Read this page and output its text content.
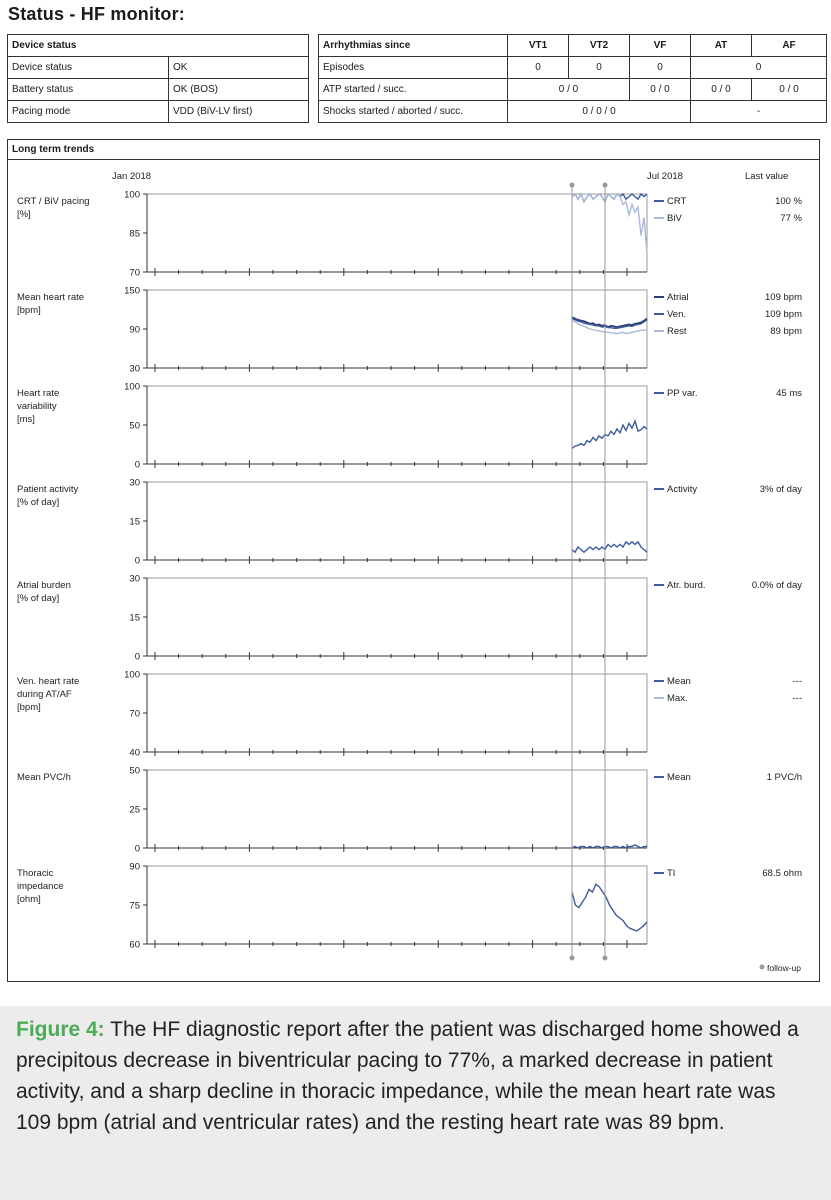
Status - HF monitor:
Device status	
Device status	OK
Battery status	OK (BOS)
Pacing mode	VDD (BiV-LV first)
Arrhythmias since	VT1	VT2	VF	AT	AF
Episodes	0	0	0	0	
ATP started / succ.	0 / 0		0 / 0	0 / 0	0 / 0
Shocks started / aborted / succ.	0 / 0 / 0			-	
Long term trends
Jan 2018	Jul 2018	Last value
100
85
70
CRT / BiV pacing
[%]
CRT	100 %
BiV	77 %
150
90
30
Mean heart rate
[bpm]
Atrial	109 bpm
Ven.	109 bpm
Rest	89 bpm
100
50
0
Heart rate
variability
[ms]
PP var.	45 ms
30
15
0
Patient activity
[% of day]
Activity	3% of day
30
15
0
Atrial burden
[% of day]
Atr. burd.	0.0% of day
100
70
40
Ven. heart rate
during AT/AF
[bpm]
Mean	---
Max.	---
50
25
0
Mean PVC/h	Mean	1 PVC/h
90
75
60
Thoracic
impedance
[ohm]
TI	68.5 ohm
follow-up
Figure 4: The HF diagnostic report after the patient was discharged home showed a precipitous decrease in biventricular pacing to 77%, a marked decrease in patient activity, and a sharp decline in thoracic impedance, while the mean heart rate was 109 bpm (atrial and ventricular rates) and the resting heart rate was 89 bpm.
